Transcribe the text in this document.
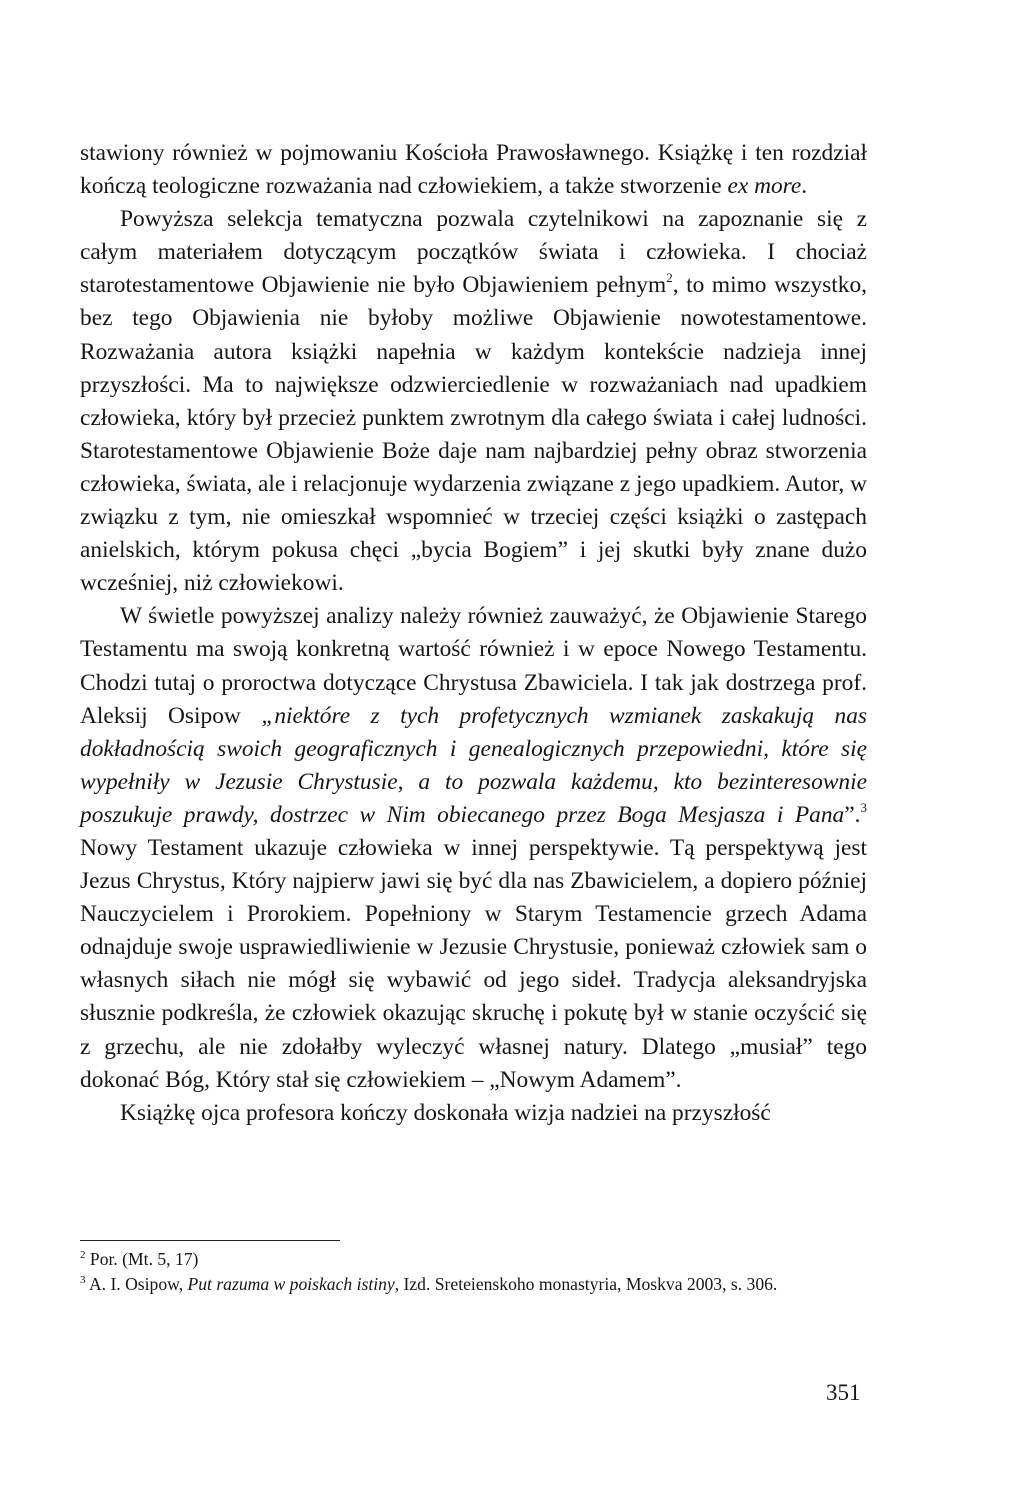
stawiony również w pojmowaniu Kościoła Prawosławnego. Książkę i ten rozdział kończą teologiczne rozważania nad człowiekiem, a także stworzenie ex more.

Powyższa selekcja tematyczna pozwala czytelnikowi na zapoznanie się z całym materiałem dotyczącym początków świata i człowieka. I chociaż starotestamentowe Objawienie nie było Objawieniem pełnym$^2$, to mimo wszystko, bez tego Objawienia nie byłoby możliwe Objawienie nowotestamentowe. Rozważania autora książki napełnia w każdym kontekście nadzieja innej przyszłości. Ma to największe odzwierciedlenie w rozważaniach nad upadkiem człowieka, który był przecież punktem zwrotnym dla całego świata i całej ludności. Starotestamentowe Objawienie Boże daje nam najbardziej pełny obraz stworzenia człowieka, świata, ale i relacjonuje wydarzenia związane z jego upadkiem. Autor, w związku z tym, nie omieszkał wspomnieć w trzeciej części książki o zastępach anielskich, którym pokusa chęci „bycia Bogiem” i jej skutki były znane dużo wcześniej, niż człowiekowi.

W świetle powyższej analizy należy również zauważyć, że Objawienie Starego Testamentu ma swoją konkretną wartość również i w epoce Nowego Testamentu. Chodzi tutaj o proroctwa dotyczące Chrystusa Zbawiciela. I tak jak dostrzega prof. Aleksij Osipow „niektóre z tych profetycznych wzmianek zaskakują nas dokładnością swoich geograficznych i genealogicznych przepowiedni, które się wypełniły w Jezusie Chrystusie, a to pozwala każdemu, kto bezinteresownie poszukuje prawdy, dostrzec w Nim obiecanego przez Boga Mesjasza i Pana”.$^3$ Nowy Testament ukazuje człowieka w innej perspektywie. Tą perspektywą jest Jezus Chrystus, Który najpierw jawi się być dla nas Zbawicielem, a dopiero później Nauczycielem i Prorokiem. Popełniony w Starym Testamencie grzech Adama odnajduje swoje usprawiedliwienie w Jezusie Chrystusie, ponieważ człowiek sam o własnych siłach nie mógł się wybawić od jego sideł. Tradycja aleksandryjska słusznie podkreśla, że człowiek okazując skruchę i pokutę był w stanie oczyścić się z grzechu, ale nie zdołałby wyleczyć własnej natury. Dlatego „musiał” tego dokonać Bóg, Który stał się człowiekiem – „Nowym Adamem”.

Książkę ojca profesora kończy doskonała wizja nadziei na przyszłość

$^2$ Por. (Mt. 5, 17)

$^3$ A. I. Osipow, Put razuma w poiskach istiny, Izd. Sreteienskoho monastyria, Moskva 2003, s. 306.

351
